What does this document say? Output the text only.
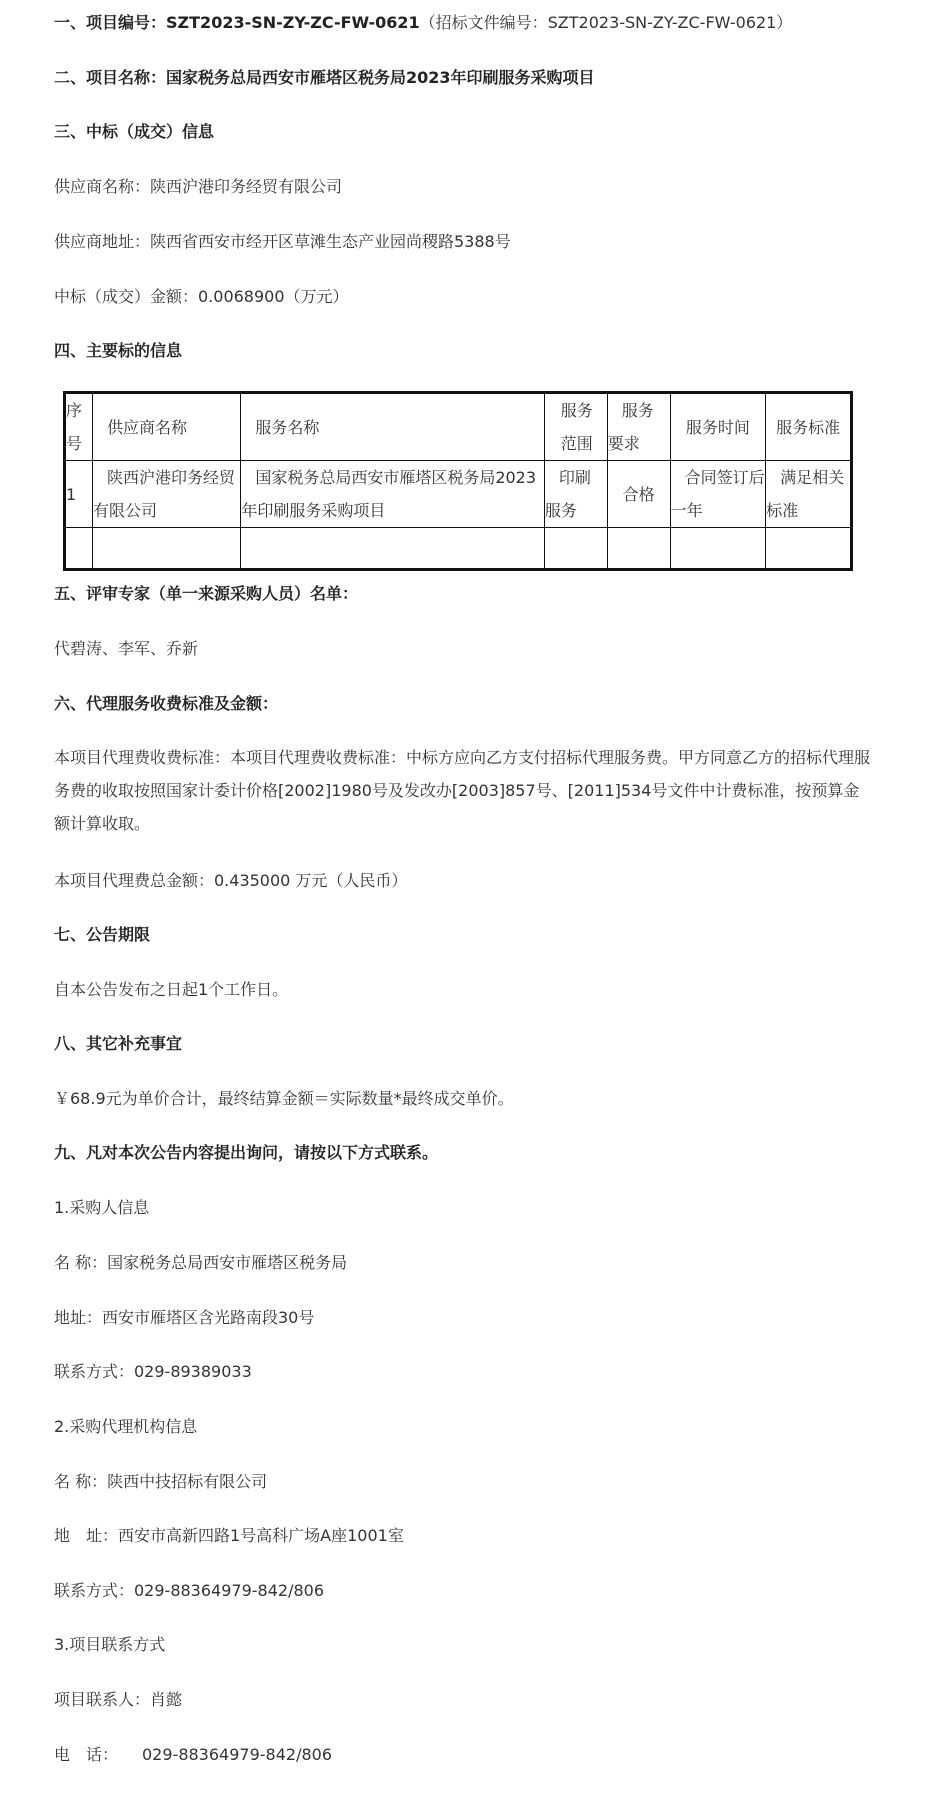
一、项目编号：SZT2023-SN-ZY-ZC-FW-0621（招标文件编号：SZT2023-SN-ZY-ZC-FW-0621）
二、项目名称：国家税务总局西安市雁塔区税务局2023年印刷服务采购项目
三、中标（成交）信息
供应商名称：陕西沪港印务经贸有限公司
供应商地址：陕西省西安市经开区草滩生态产业园尚稷路5388号
中标（成交）金额：0.0068900（万元）
四、主要标的信息
序号	供应商名称	服务名称	服务范围	服务要求	服务时间	服务标准
1	陕西沪港印务经贸有限公司	国家税务总局西安市雁塔区税务局2023年印刷服务采购项目	印刷服务	合格	合同签订后一年	满足相关标准

五、评审专家（单一来源采购人员）名单：
代碧涛、李军、乔新
六、代理服务收费标准及金额：
本项目代理费收费标准：本项目代理费收费标准：中标方应向乙方支付招标代理服务费。甲方同意乙方的招标代理服务费的收取按照国家计委计价格[2002]1980号及发改办[2003]857号、[2011]534号文件中计费标准，按预算金额计算收取。
本项目代理费总金额：0.435000 万元（人民币）
七、公告期限
自本公告发布之日起1个工作日。
八、其它补充事宜
￥68.9元为单价合计，最终结算金额＝实际数量*最终成交单价。
九、凡对本次公告内容提出询问，请按以下方式联系。
1.采购人信息
名 称：国家税务总局西安市雁塔区税务局
地址：西安市雁塔区含光路南段30号
联系方式：029-89389033
2.采购代理机构信息
名 称：陕西中技招标有限公司
地　址：西安市高新四路1号高科广场A座1001室
联系方式：029-88364979-842/806
3.项目联系方式
项目联系人：肖懿
电　话：　　029-88364979-842/806
